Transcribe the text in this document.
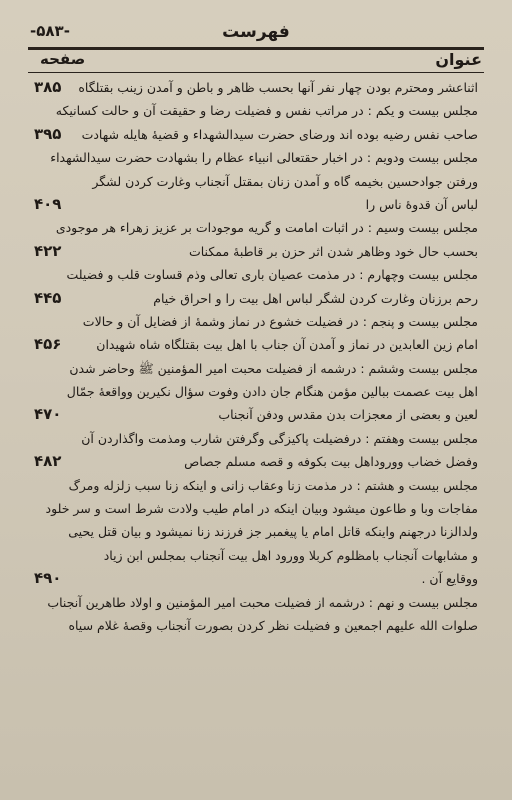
-۵۸۳-	فهرست
صفحه	عنوان
اثناعشر ومحترم بودن چهار نفر آنها بحسب ظاهر و باطن و آمدن زینب بقتلگاه
۳۸۵
مجلس بیست و یکم : در مراتب نفس و فضیلت رضا و حقیقت آن و حالت کسانیکه
صاحب نفس رضیه بوده اند ورضای حضرت سیدالشهداء و قضیهٔ هایله شهادت
۳۹۵
مجلس بیست ودویم : در اخبار حقتعالی انبیاء عظام را بشهادت حضرت سیدالشهداء
ورفتن جوادحسین بخیمه گاه و آمدن زنان بمقتل آنجناب وغارت کردن لشگر
لباس آن قدوهٔ ناس را
۴۰۹
مجلس بیست وسیم : در اثبات امامت و گریه موجودات بر عزیز زهراء هر موجودی
بحسب حال خود وظاهر شدن اثر حزن بر قاطبهٔ ممکنات
۴۲۲
مجلس بیست وچهارم : در مذمت عصیان باری تعالی وذم قساوت قلب و فضیلت
رحم برزنان وغارت کردن لشگر لباس اهل بیت را و احراق خیام
۴۴۵
مجلس بیست و پنجم : در فضیلت خشوع در نماز وشمهٔ از فضایل آن و حالات
امام زین العابدین در نماز و آمدن آن جناب با اهل بیت بقتلگاه شاه شهیدان
۴۵۶
مجلس بیست وششم : درشمه از فضیلت محبت امیر المؤمنین ﷺ وحاضر شدن
اهل بیت عصمت ببالین مؤمن هنگام جان دادن وفوت سؤال نکیرین وواقعهٔ جمّال
لعین و بعضی از معجزات بدن مقدس ودفن آنجناب
۴۷۰
مجلس بیست وهفتم : درفضیلت پاکیزگی وگرفتن شارب ومذمت واگذاردن آن
وفضل خضاب ووروداهل بیت بکوفه و قصه مسلم جصاص
۴۸۲
مجلس بیست و هشتم : در مذمت زنا وعقاب زانی و اینکه زنا سبب زلزله ومرگ
مفاجات وبا و طاعون میشود وبیان اینکه در امام طیب ولادت شرط است و سر خلود
ولدالزنا درجهنم واینکه قاتل امام یا پیغمبر جز فرزند زنا نمیشود و بیان قتل یحیی
و مشابهات آنجناب بامظلوم کربلا وورود اهل بیت آنجناب بمجلس ابن زیاد
ووقایع آن .
۴۹۰
مجلس بیست و نهم : درشمه از فضیلت محبت امیر المؤمنین و اولاد طاهرین آنجناب
صلوات الله علیهم اجمعین و فضیلت نظر کردن بصورت آنجناب وقصهٔ غلام سیاه
